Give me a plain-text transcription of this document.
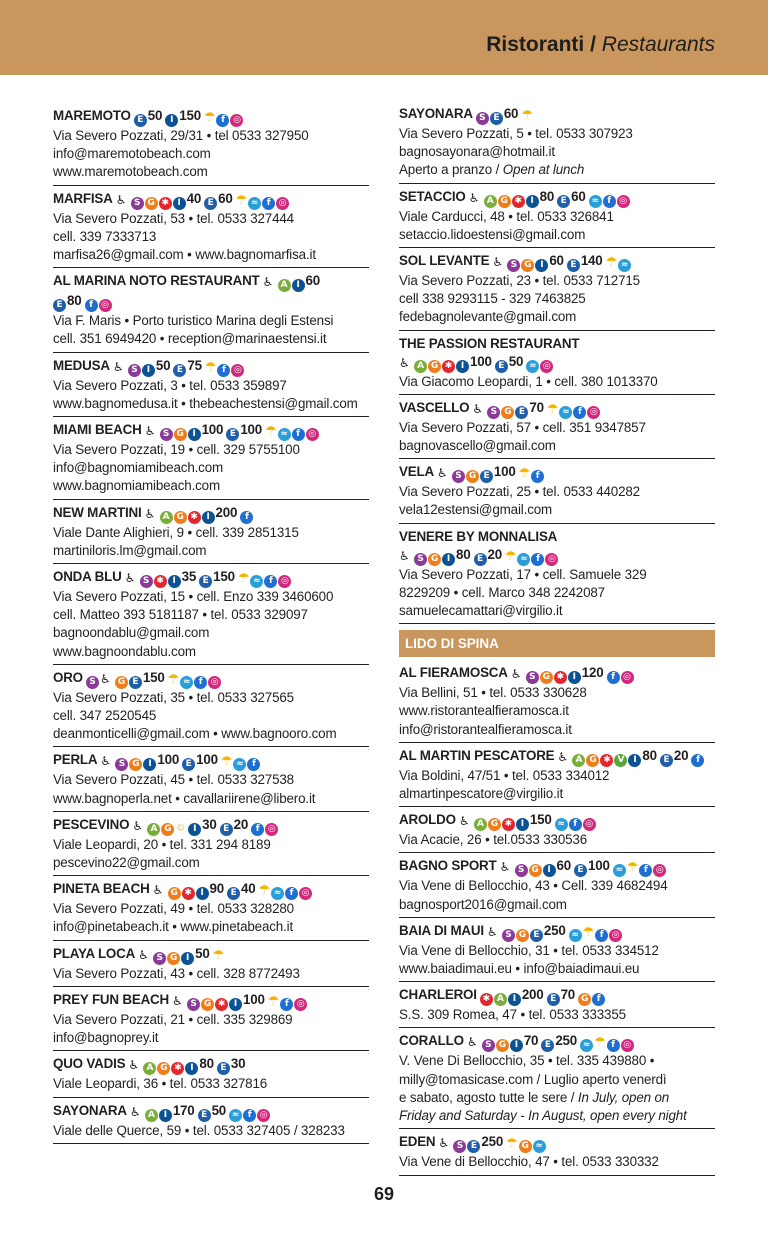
Ristoranti / Restaurants
MAREMOTO E 50 I 150 ☂ f ◎
Via Severo Pozzati, 29/31 • tel 0533 327950
info@maremotobeach.com
www.maremotobeach.com
MARFISA ♿ S G ✱ I 40 E 60 ☂ ≈ f ◎
Via Severo Pozzati, 53 • tel. 0533 327444
cell. 339 7333713
marfisa26@gmail.com • www.bagnomarfisa.it
AL MARINA NOTO RESTAURANT ♿ A I 60
E 80 f ◎
Via F. Maris • Porto turistico Marina degli Estensi
cell. 351 6949420 • reception@marinaestensi.it
MEDUSA ♿ S I 50 E 75 ☂ f ◎
Via Severo Pozzati, 3 • tel. 0533 359897
www.bagnomedusa.it • thebeachestensi@gmail.com
MIAMI BEACH ♿ S G I 100 E 100 ☂ ≈ f ◎
Via Severo Pozzati, 19 • cell. 329 5755100
info@bagnomiamibeach.com
www.bagnomiamibeach.com
NEW MARTINI ♿ A G ✱ I 200 f
Viale Dante Alighieri, 9 • cell. 339 2851315
martiniloris.lm@gmail.com
ONDA BLU ♿ S ✱ I 35 E 150 ☂ ≈ f ◎
Via Severo Pozzati, 15 • cell. Enzo 339 3460600
cell. Matteo 393 5181187 • tel. 0533 329097
bagnoondablu@gmail.com
www.bagnoondablu.com
ORO S ♿ G E 150 ☂ ≈ f ◎
Via Severo Pozzati, 35 • tel. 0533 327565
cell. 347 2520545
deanmonticelli@gmail.com • www.bagnooro.com
PERLA ♿ S G I 100 E 100 ☂ ≈ f
Via Severo Pozzati, 45 • tel. 0533 327538
www.bagnoperla.net • cavallariirene@libero.it
PESCEVINO ♿ A G ☼ I 30 E 20 f ◎
Viale Leopardi, 20 • tel. 331 294 8189
pescevino22@gmail.com
PINETA BEACH ♿ G ✱ I 90 E 40 ☂ ≈ f ◎
Via Severo Pozzati, 49 • tel. 0533 328280
info@pinetabeach.it • www.pinetabeach.it
PLAYA LOCA ♿ S G I 50 ☂
Via Severo Pozzati, 43 • cell. 328 8772493
PREY FUN BEACH ♿ S G ✱ I 100 ☂ f ◎
Via Severo Pozzati, 21 • cell. 335 329869
info@bagnoprey.it
QUO VADIS ♿ A G ✱ I 80 E 30
Viale Leopardi, 36 • tel. 0533 327816
SAYONARA ♿ A I 170 E 50 ≈ f ◎
Viale delle Querce, 59 • tel. 0533 327405 / 328233
SAYONARA S E 60 ☂
Via Severo Pozzati, 5 • tel. 0533 307923
bagnosayonara@hotmail.it
Aperto a pranzo / Open at lunch
SETACCIO ♿ A G ✱ I 80 E 60 ≈ f ◎
Viale Carducci, 48 • tel. 0533 326841
setaccio.lidoestensi@gmail.com
SOL LEVANTE ♿ S G I 60 E 140 ☂ ≈
Via Severo Pozzati, 23 • tel. 0533 712715
cell 338 9293115 - 329 7463825
fedebagnolevante@gmail.com
THE PASSION RESTAURANT
♿ A G ✱ I 100 E 50 ≈ ◎
Via Giacomo Leopardi, 1 • cell. 380 1013370
VASCELLO ♿ S G E 70 ☂ ≈ f ◎
Via Severo Pozzati, 57 • cell. 351 9347857
bagnovascello@gmail.com
VELA ♿ S G E 100 ☂ f
Via Severo Pozzati, 25 • tel. 0533 440282
vela12estensi@gmail.com
VENERE BY MONNALISA
♿ S G I 80 E 20 ☂ ≈ f ◎
Via Severo Pozzati, 17 • cell. Samuele 329
8229209 • cell. Marco 348 2242087
samuelecamattari@virgilio.it
LIDO DI SPINA
AL FIERAMOSCA ♿ S G ✱ I 120 f ◎
Via Bellini, 51 • tel. 0533 330628
www.ristorantealfieramosca.it
info@ristorantealfieramosca.it
AL MARTIN PESCATORE ♿ A G ✱ V I 80 E 20 f
Via Boldini, 47/51 • tel. 0533 334012
almartinpescatore@virgilio.it
AROLDO ♿ A G ✱ I 150 ≈ f ◎
Via Acacie, 26 • tel.0533 330536
BAGNO SPORT ♿ S G I 60 E 100 ≈ ☂ f ◎
Via Vene di Bellocchio, 43 • Cell. 339 4682494
bagnosport2016@gmail.com
BAIA DI MAUI ♿ S G E 250 ≈ ☂ f ◎
Via Vene di Bellocchio, 31 • tel. 0533 334512
www.baiadimaui.eu • info@baiadimaui.eu
CHARLEROI ✱ A I 200 E 70 G f
S.S. 309 Romea, 47 • tel. 0533 333355
CORALLO ♿ S G I 70 E 250 ≈ ☂ f ◎
V. Vene Di Bellocchio, 35 • tel. 335 439880 •
milly@tomasicase.com / Luglio aperto venerdì
e sabato, agosto tutte le sere / In July, open on
Friday and Saturday - In August, open every night
EDEN ♿ S E 250 ☂ G ≈
Via Vene di Bellocchio, 47 • tel. 0533 330332
69
